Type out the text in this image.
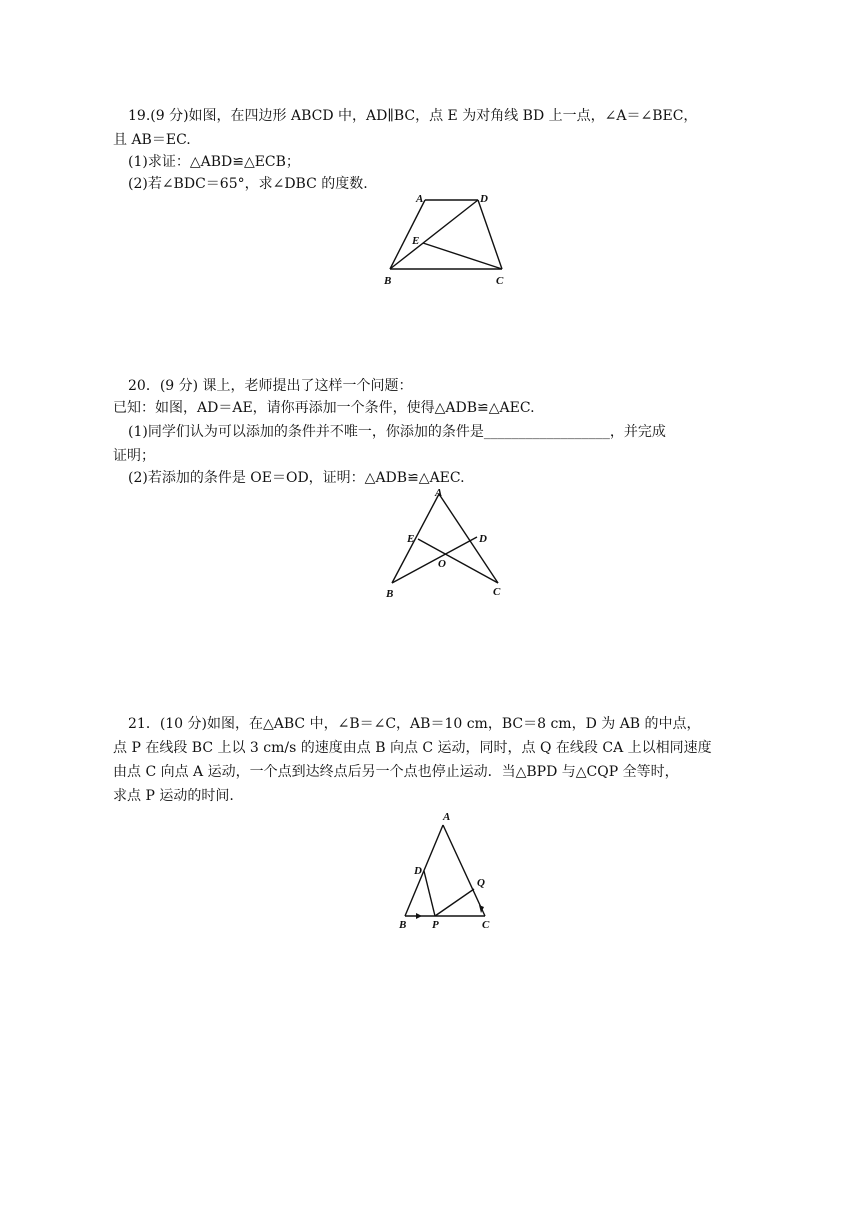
19.(9 分)如图，在四边形 ABCD 中，AD∥BC，点 E 为对角线 BD 上一点，∠A＝∠BEC，
且 AB＝EC.
(1)求证：△ABD≌△ECB；
(2)若∠BDC＝65°，求∠DBC 的度数.
A	D
E
B	C
20．(9 分) 课上，老师提出了这样一个问题：
已知：如图，AD＝AE，请你再添加一个条件，使得△ADB≌△AEC.
(1)同学们认为可以添加的条件并不唯一，你添加的条件是__________________，并完成
证明；
(2)若添加的条件是 OE＝OD，证明：△ADB≌△AEC.
A
E	D
O
B	C
21．(10 分)如图，在△ABC 中，∠B＝∠C，AB＝10 cm，BC＝8 cm，D 为 AB 的中点，
点 P 在线段 BC 上以 3 cm/s 的速度由点 B 向点 C 运动，同时，点 Q 在线段 CA 上以相同速度
由点 C 向点 A 运动，一个点到达终点后另一个点也停止运动．当△BPD 与△CQP 全等时，
求点 P 运动的时间.
A
D
Q
B P	C
